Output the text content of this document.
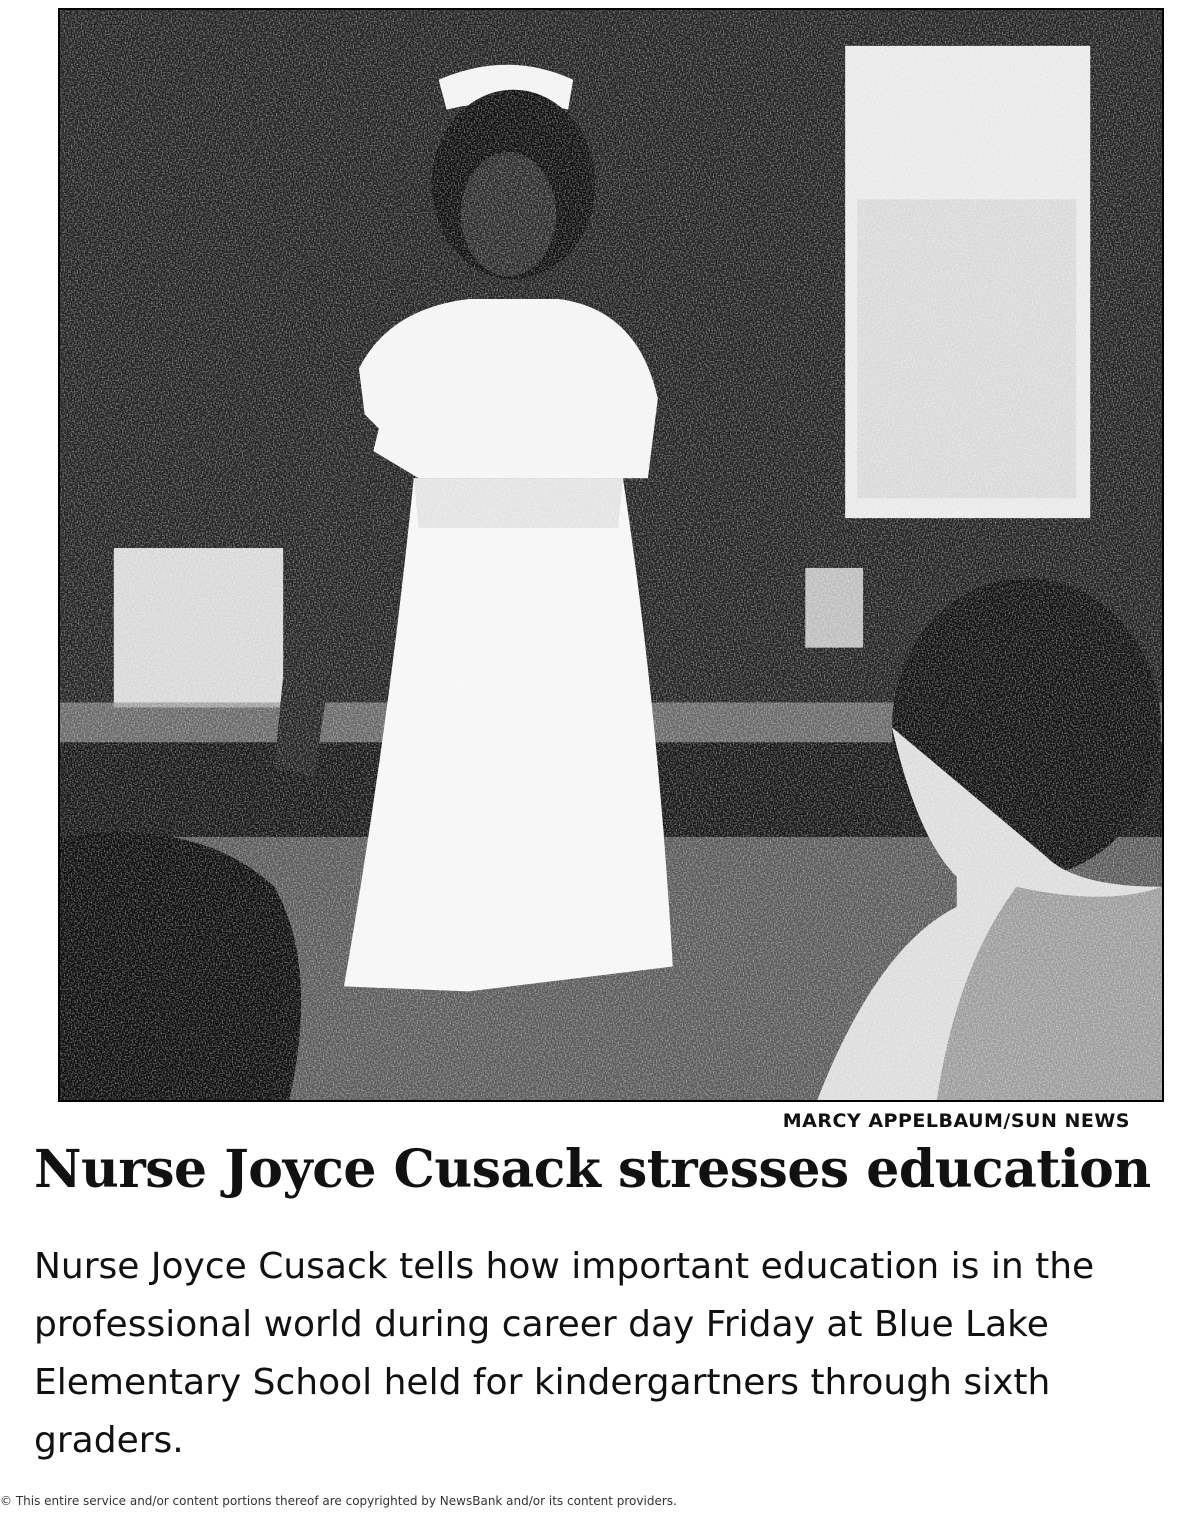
MARCY APPELBAUM/SUN NEWS
Nurse Joyce Cusack stresses education
Nurse Joyce Cusack tells how important education is in the professional world during career day Friday at Blue Lake Elementary School held for kindergartners through sixth graders.
© This entire service and/or content portions thereof are copyrighted by NewsBank and/or its content providers.
